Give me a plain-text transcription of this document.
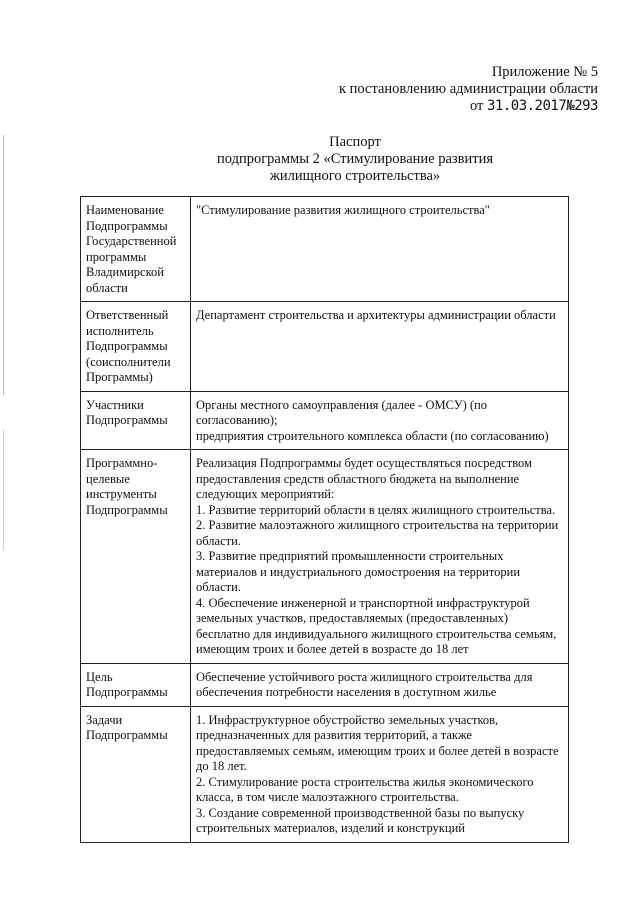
Приложение № 5
к постановлению администрации области
от 31.03.2017№293
Паспорт
подпрограммы 2 «Стимулирование развития
жилищного строительства»
Наименование Подпрограммы Государственной программы Владимирской области	"Стимулирование развития жилищного строительства"

Ответственный исполнитель Подпрограммы (соисполнители Программы)	Департамент строительства и архитектуры администрации области

Участники Подпрограммы	Органы местного самоуправления (далее - ОМСУ) (по согласованию);

предприятия строительного комплекса области (по согласованию)

Программно-целевые инструменты Подпрограммы	Реализация Подпрограммы будет осуществляться посредством предоставления средств областного бюджета на выполнение следующих мероприятий:

1. Развитие территорий области в целях жилищного строительства.

2. Развитие малоэтажного жилищного строительства на территории области.

3. Развитие предприятий промышленности строительных материалов и индустриального домостроения на территории области.

4. Обеспечение инженерной и транспортной инфраструктурой земельных участков, предоставляемых (предоставленных) бесплатно для индивидуального жилищного строительства семьям, имеющим троих и более детей в возрасте до 18 лет

Цель Подпрограммы	Обеспечение устойчивого роста жилищного строительства для обеспечения потребности населения в доступном жилье

Задачи Подпрограммы	1. Инфраструктурное обустройство земельных участков, предназначенных для развития территорий, а также предоставляемых семьям, имеющим троих и более детей в возрасте до 18 лет.

2. Стимулирование роста строительства жилья экономического класса, в том числе малоэтажного строительства.

3. Создание современной производственной базы по выпуску строительных материалов, изделий и конструкций
